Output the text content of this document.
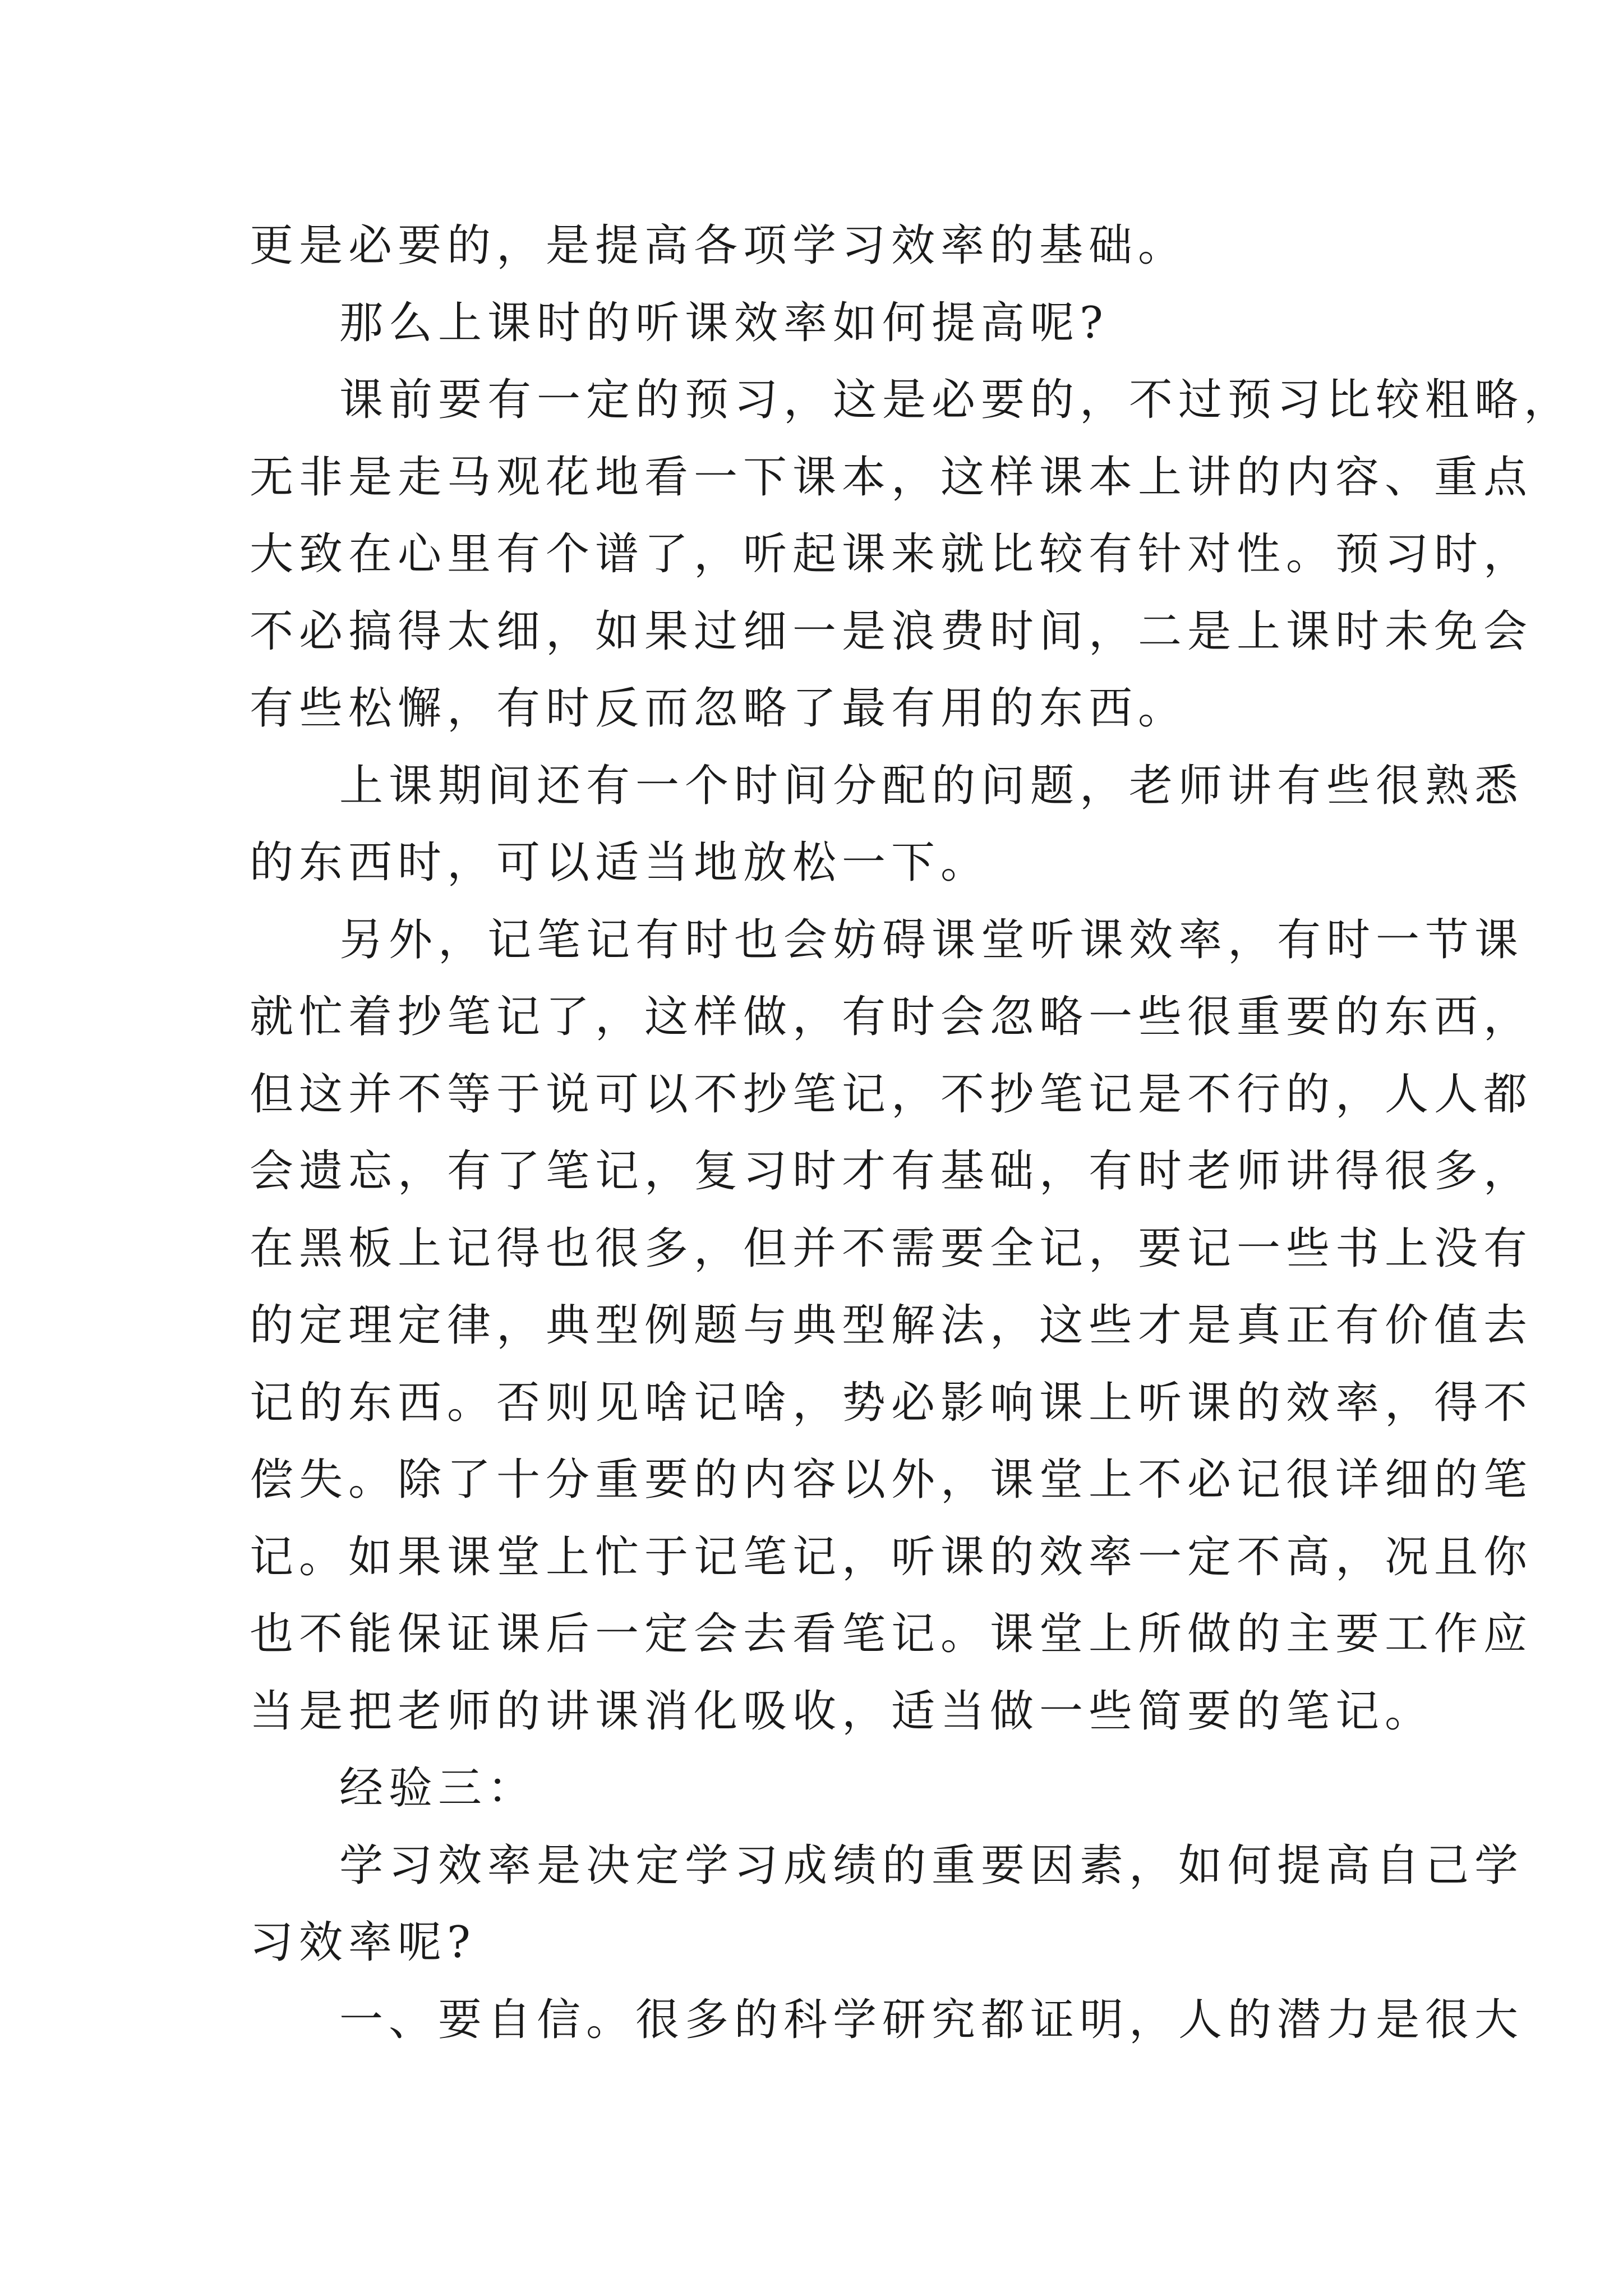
更是必要的，是提高各项学习效率的基础。
那么上课时的听课效率如何提高呢?
课前要有一定的预习，这是必要的，不过预习比较粗略，
无非是走马观花地看一下课本，这样课本上讲的内容、重点
大致在心里有个谱了，听起课来就比较有针对性。预习时，
不必搞得太细，如果过细一是浪费时间，二是上课时未免会
有些松懈，有时反而忽略了最有用的东西。
上课期间还有一个时间分配的问题，老师讲有些很熟悉
的东西时，可以适当地放松一下。
另外，记笔记有时也会妨碍课堂听课效率，有时一节课
就忙着抄笔记了，这样做，有时会忽略一些很重要的东西，
但这并不等于说可以不抄笔记，不抄笔记是不行的，人人都
会遗忘，有了笔记，复习时才有基础，有时老师讲得很多，
在黑板上记得也很多，但并不需要全记，要记一些书上没有
的定理定律，典型例题与典型解法，这些才是真正有价值去
记的东西。否则见啥记啥，势必影响课上听课的效率，得不
偿失。除了十分重要的内容以外，课堂上不必记很详细的笔
记。如果课堂上忙于记笔记，听课的效率一定不高，况且你
也不能保证课后一定会去看笔记。课堂上所做的主要工作应
当是把老师的讲课消化吸收，适当做一些简要的笔记。
经验三：
学习效率是决定学习成绩的重要因素，如何提高自己学
习效率呢?
一、要自信。很多的科学研究都证明，人的潜力是很大
